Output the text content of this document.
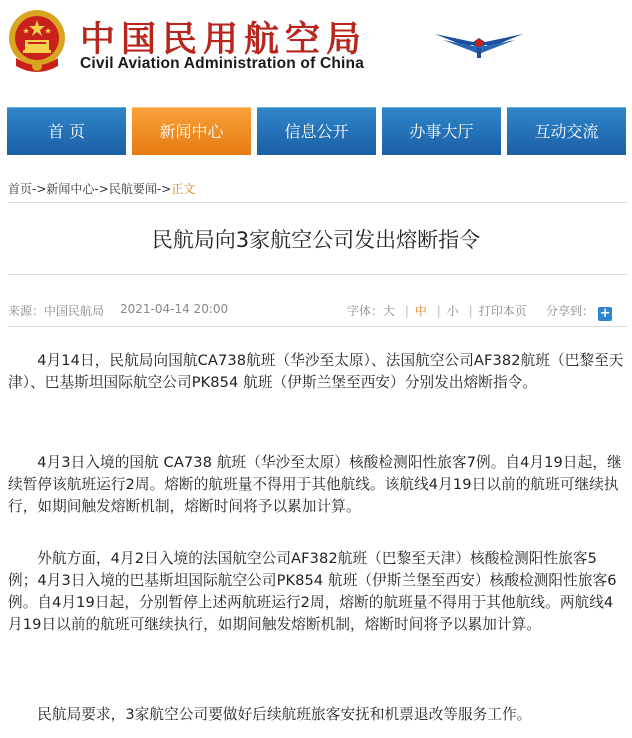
中国民用航空局
Civil Aviation Administration of China
首 页	新闻中心	信息公开	办事大厅	互动交流
首页->新闻中心->民航要闻->正文
民航局向3家航空公司发出熔断指令
来源：中国民航局 2021-04-14 20:00	字体：大 | 中 | 小 | 打印本页 分享到： +
4月14日，民航局向国航CA738航班（华沙至太原）、法国航空公司AF382航班（巴黎至天津）、巴基斯坦国际航空公司PK854 航班（伊斯兰堡至西安）分别发出熔断指令。
4月3日入境的国航 CA738 航班（华沙至太原）核酸检测阳性旅客7例。自4月19日起，继续暂停该航班运行2周。熔断的航班量不得用于其他航线。该航线4月19日以前的航班可继续执行，如期间触发熔断机制，熔断时间将予以累加计算。
外航方面，4月2日入境的法国航空公司AF382航班（巴黎至天津）核酸检测阳性旅客5例；4月3日入境的巴基斯坦国际航空公司PK854 航班（伊斯兰堡至西安）核酸检测阳性旅客6例。自4月19日起，分别暂停上述两航班运行2周，熔断的航班量不得用于其他航线。两航线4月19日以前的航班可继续执行，如期间触发熔断机制，熔断时间将予以累加计算。
民航局要求，3家航空公司要做好后续航班旅客安抚和机票退改等服务工作。
